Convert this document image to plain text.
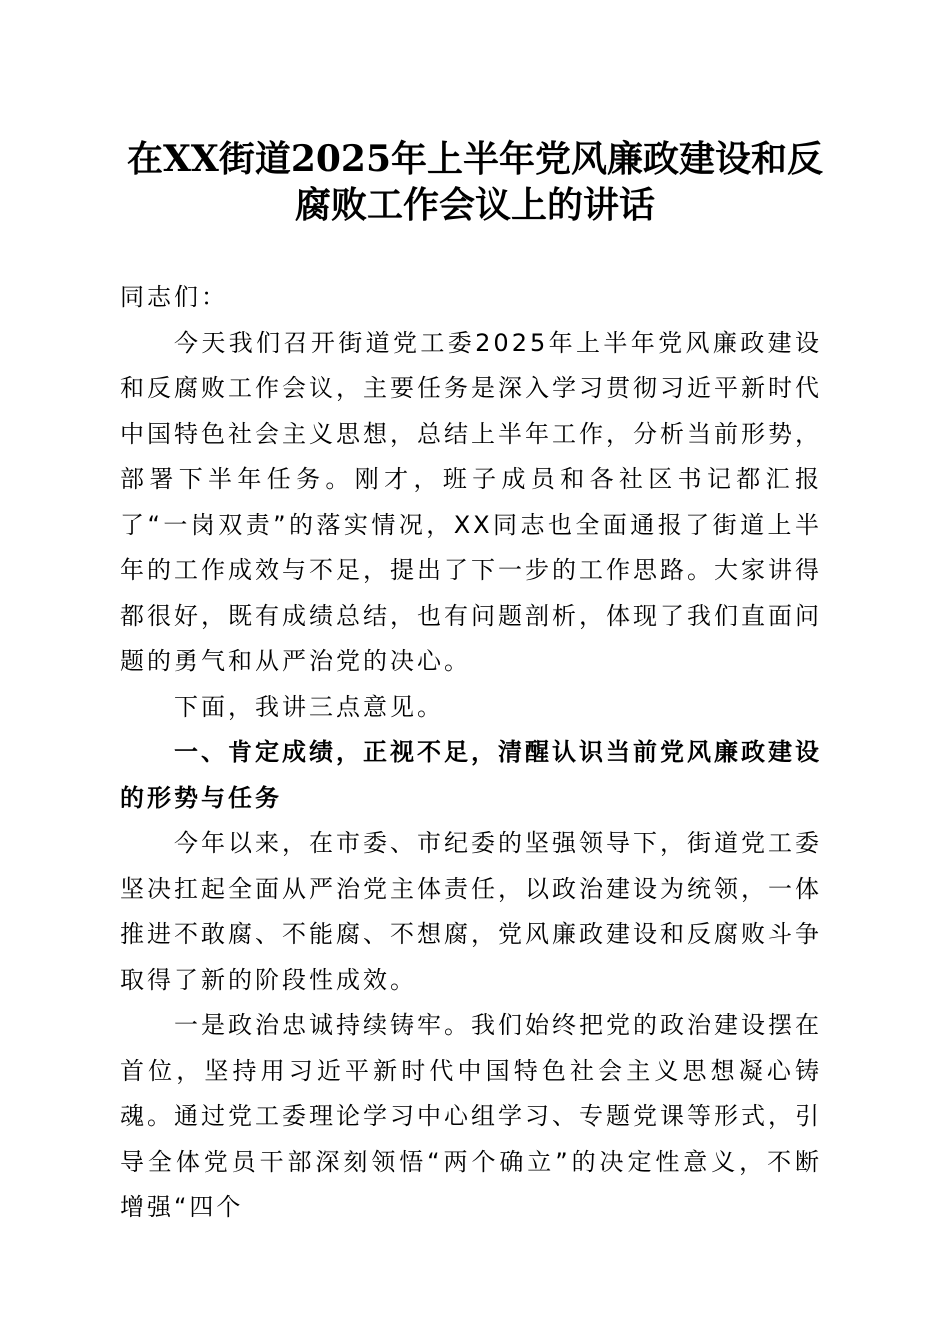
在XX街道2025年上半年党风廉政建设和反
腐败工作会议上的讲话

同志们：

今天我们召开街道党工委2025年上半年党风廉政建设和反腐败工作会议，主要任务是深入学习贯彻习近平新时代中国特色社会主义思想，总结上半年工作，分析当前形势，部署下半年任务。刚才，班子成员和各社区书记都汇报了“一岗双责”的落实情况，XX同志也全面通报了街道上半年的工作成效与不足，提出了下一步的工作思路。大家讲得都很好，既有成绩总结，也有问题剖析，体现了我们直面问题的勇气和从严治党的决心。

下面，我讲三点意见。

一、肯定成绩，正视不足，清醒认识当前党风廉政建设的形势与任务

今年以来，在市委、市纪委的坚强领导下，街道党工委坚决扛起全面从严治党主体责任，以政治建设为统领，一体推进不敢腐、不能腐、不想腐，党风廉政建设和反腐败斗争取得了新的阶段性成效。

一是政治忠诚持续铸牢。我们始终把党的政治建设摆在首位，坚持用习近平新时代中国特色社会主义思想凝心铸魂。通过党工委理论学习中心组学习、专题党课等形式，引导全体党员干部深刻领悟“两个确立”的决定性意义，不断增强“四个
